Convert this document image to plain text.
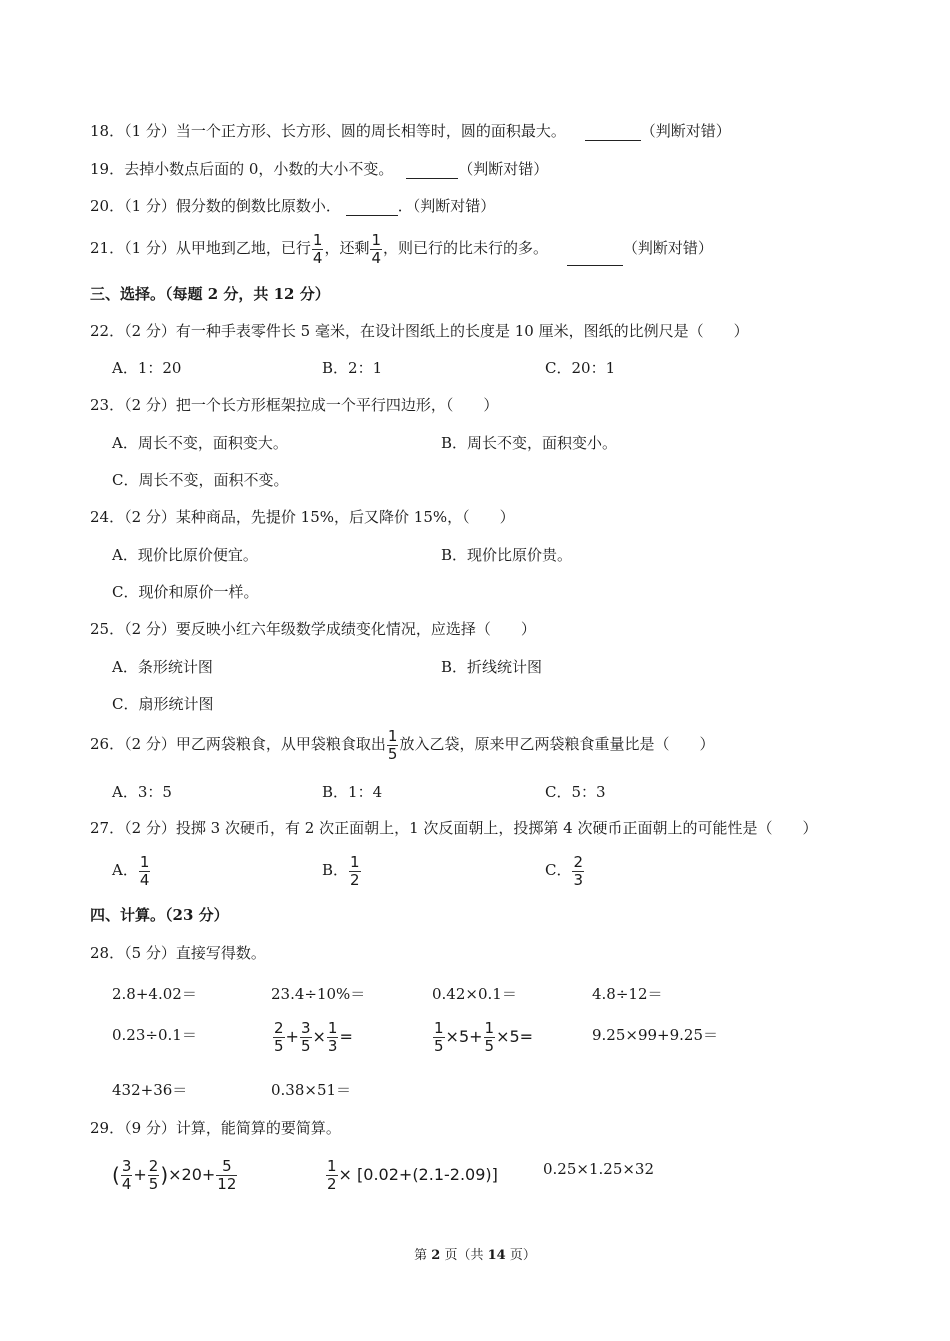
18．（1 分）当一个正方形、长方形、圆的周长相等时，圆的面积最大。	（判断对错）
19．去掉小数点后面的 0，小数的大小不变。	（判断对错）
20．（1 分）假分数的倒数比原数小．	．（判断对错）
21．（1 分）从甲地到乙地，已行 $\frac{1}{4}$ ，还剩 $\frac{1}{4}$ ，则已行的比未行的多。	（判断对错）
三、选择。（每题 2 分，共 12 分）
22．（2 分）有一种手表零件长 5 毫米，在设计图纸上的长度是 10 厘米，图纸的比例尺是（　　）
A．1：20	B．2：1	C．20：1
23．（2 分）把一个长方形框架拉成一个平行四边形，（　　）
A．周长不变，面积变大。	B．周长不变，面积变小。
C．周长不变，面积不变。
24．（2 分）某种商品，先提价 15%，后又降价 15%，（　　）
A．现价比原价便宜。	B．现价比原价贵。
C．现价和原价一样。
25．（2 分）要反映小红六年级数学成绩变化情况，应选择（　　）
A．条形统计图	B．折线统计图
C．扇形统计图
26．（2 分）甲乙两袋粮食，从甲袋粮食取出 $\frac{1}{5}$ 放入乙袋，原来甲乙两袋粮食重量比是（　　）
A．3：5	B．1：4	C．5：3
27．（2 分）投掷 3 次硬币，有 2 次正面朝上，1 次反面朝上，投掷第 4 次硬币正面朝上的可能性是（　　）
A． $\frac{1}{4}$	B． $\frac{1}{2}$	C． $\frac{2}{3}$
四、计算。（23 分）
28．（5 分）直接写得数。
2.8+4.02＝	23.4÷10%＝	0.42×0.1＝	4.8÷12＝
0.23÷0.1＝	$\frac{2}{5} + \frac{3}{5} \times \frac{1}{3}$ =	$\frac{1}{5} \times 5+ \frac{1}{5} \times 5=$	9.25×99+9.25＝
432+36＝	0.38×51＝
29．（9 分）计算，能简算的要简算。
( $\frac{3}{4} + \frac{2}{5} )\times 20+ \frac{5}{12}$	$\frac{1}{2} \times [0.02+(2.1-2.09)]$	0.25×1.25×32
第 2 页（共 14 页）
